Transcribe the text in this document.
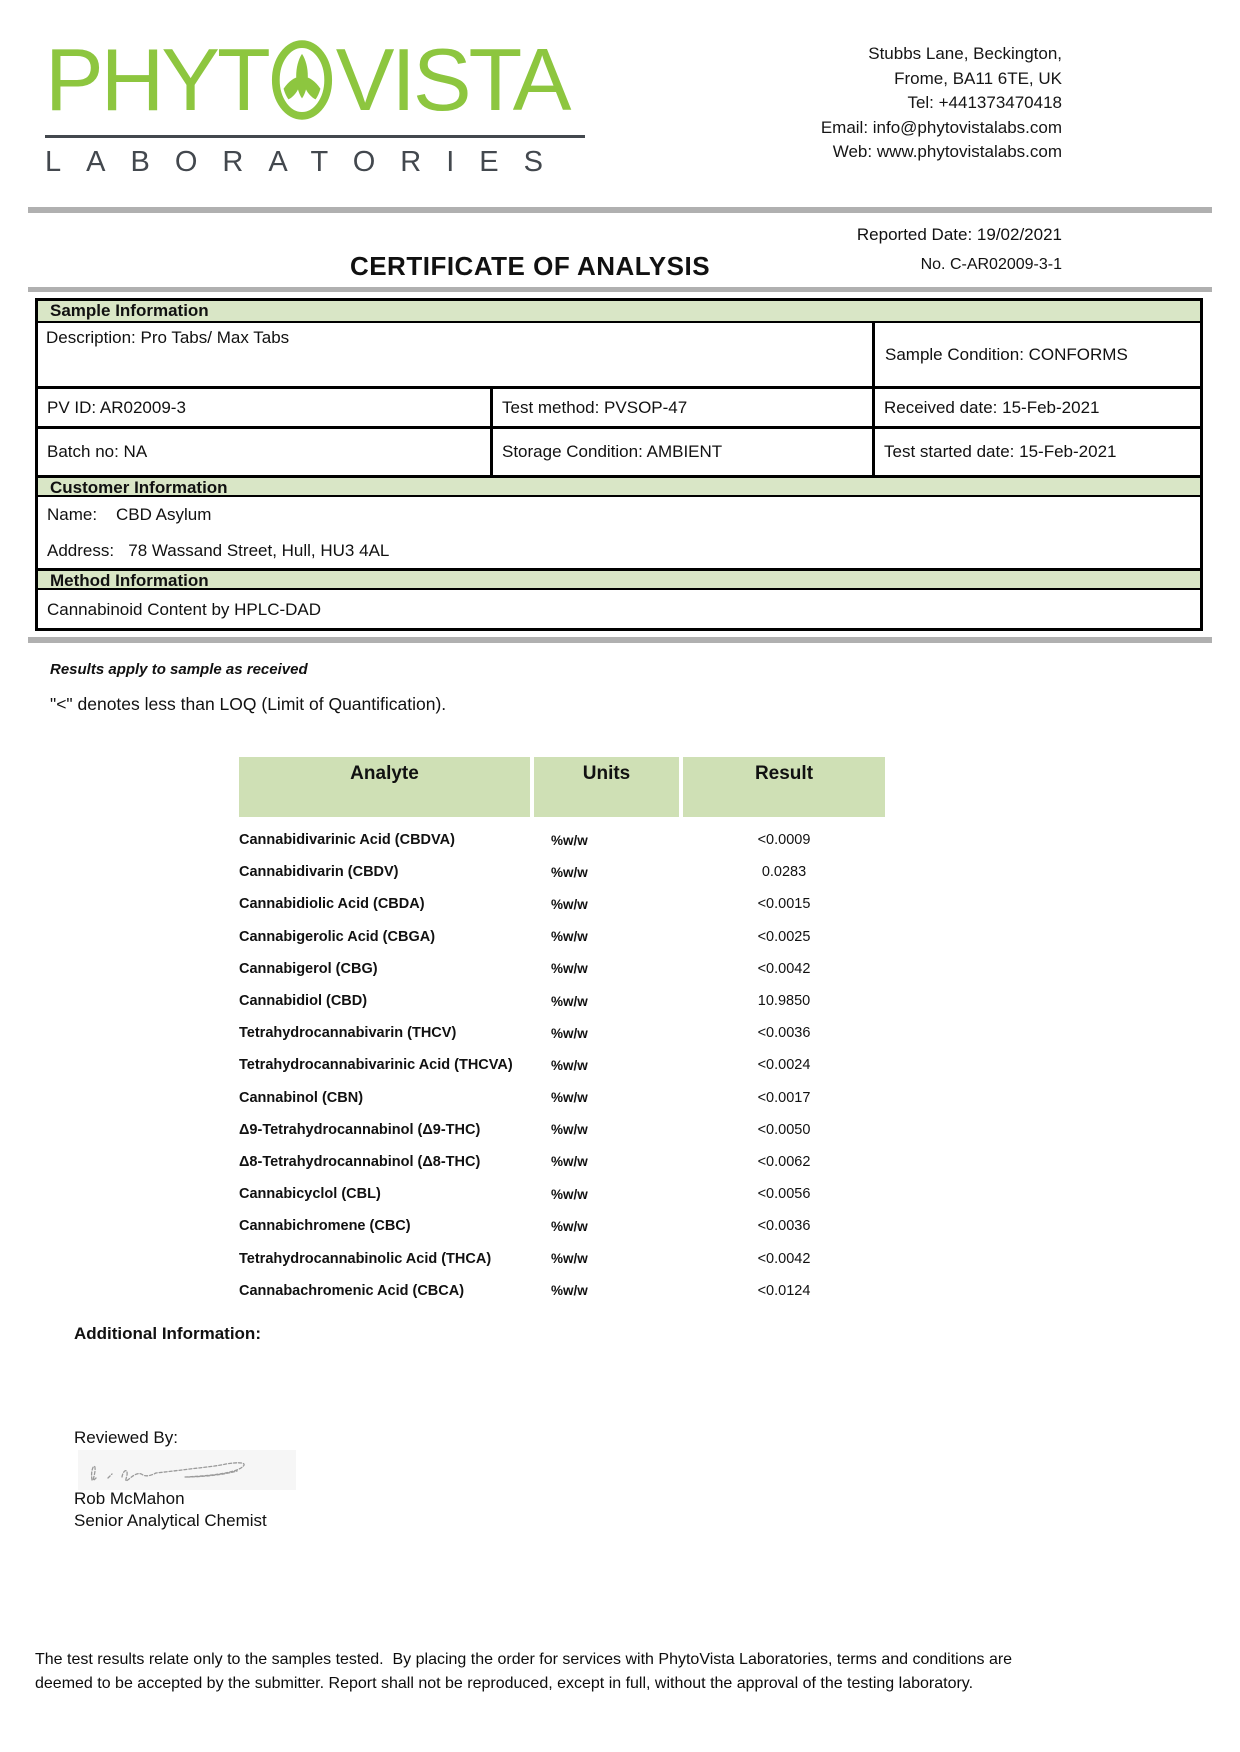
PHYT VISTA
LABORATORIES
Stubbs Lane, Beckington,
Frome, BA11 6TE, UK
Tel: +441373470418
Email: info@phytovistalabs.com
Web: www.phytovistalabs.com
Reported Date: 19/02/2021
CERTIFICATE OF ANALYSIS	No. C-AR02009-3-1
Sample Information
Description: Pro Tabs/ Max Tabs
Sample Condition: CONFORMS
PV ID: AR02009-3	Test method: PVSOP-47	Received date: 15-Feb-2021
Batch no: NA	Storage Condition: AMBIENT	Test started date: 15-Feb-2021
Customer Information
Name:    CBD Asylum
Address:   78 Wassand Street, Hull, HU3 4AL
Method Information
Cannabinoid Content by HPLC-DAD
Results apply to sample as received
"<" denotes less than LOQ (Limit of Quantification).
Analyte	Units	Result
Cannabidivarinic Acid (CBDVA)	%w/w	<0.0009
Cannabidivarin (CBDV)	%w/w	0.0283
Cannabidiolic Acid (CBDA)	%w/w	<0.0015
Cannabigerolic Acid (CBGA)	%w/w	<0.0025
Cannabigerol (CBG)	%w/w	<0.0042
Cannabidiol (CBD)	%w/w	10.9850
Tetrahydrocannabivarin (THCV)	%w/w	<0.0036
Tetrahydrocannabivarinic Acid (THCVA)	%w/w	<0.0024
Cannabinol (CBN)	%w/w	<0.0017
Δ9-Tetrahydrocannabinol (Δ9-THC)	%w/w	<0.0050
Δ8-Tetrahydrocannabinol (Δ8-THC)	%w/w	<0.0062
Cannabicyclol (CBL)	%w/w	<0.0056
Cannabichromene (CBC)	%w/w	<0.0036
Tetrahydrocannabinolic Acid (THCA)	%w/w	<0.0042
Cannabachromenic Acid (CBCA)	%w/w	<0.0124
Additional Information:
Reviewed By:
Rob McMahon
Senior Analytical Chemist
The test results relate only to the samples tested.  By placing the order for services with PhytoVista Laboratories, terms and conditions are
deemed to be accepted by the submitter. Report shall not be reproduced, except in full, without the approval of the testing laboratory.
